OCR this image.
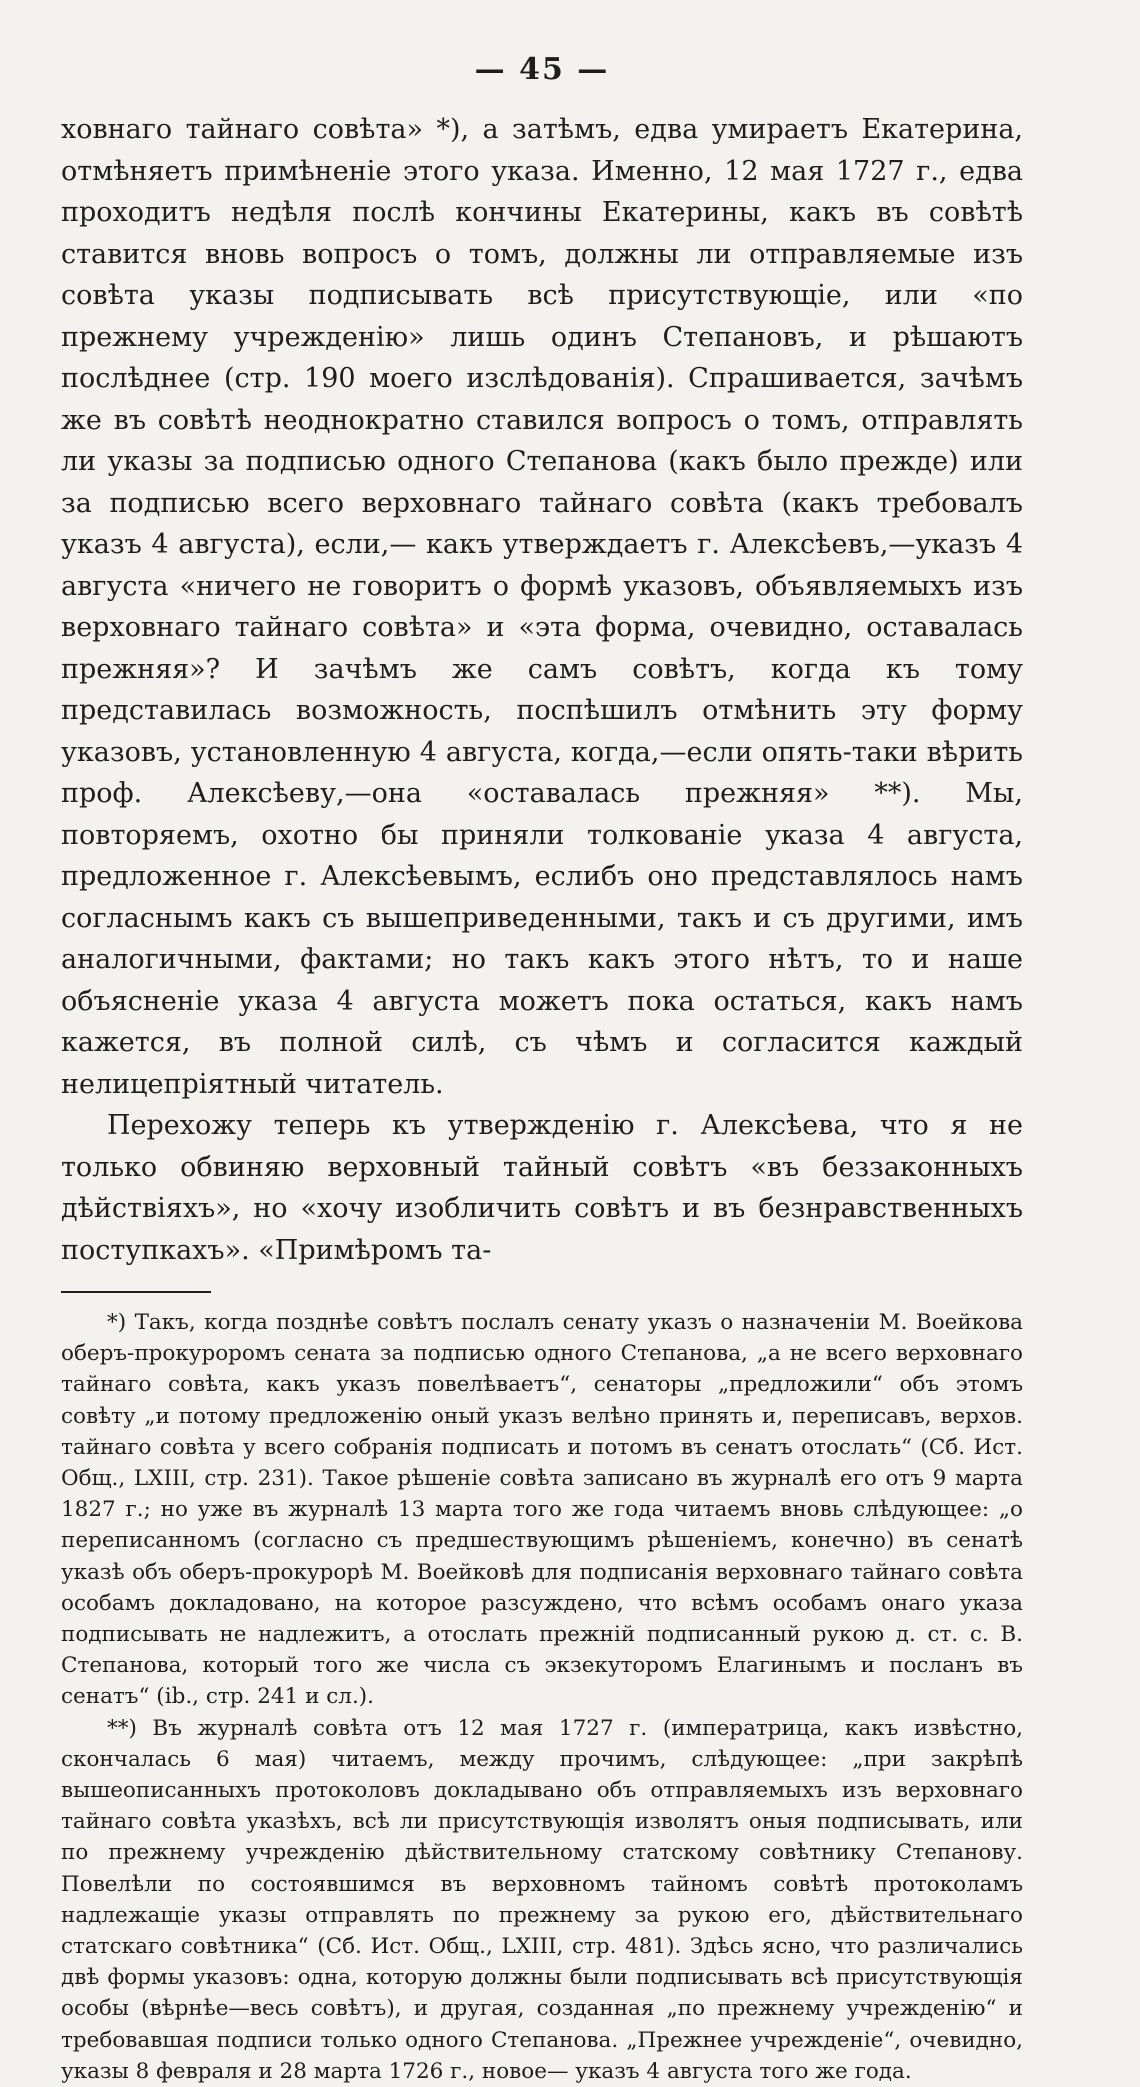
— 45 —

ховнаго тайнаго совѣта» *), а затѣмъ, едва умираетъ Екатерина, отмѣняетъ примѣненіе этого указа. Именно, 12 мая 1727 г., едва проходитъ недѣля послѣ кончины Екатерины, какъ въ совѣтѣ ставится вновь вопросъ о томъ, должны ли отправляемые изъ совѣта указы подписывать всѣ присутствующіе, или «по прежнему учрежденію» лишь одинъ Степановъ, и рѣшаютъ послѣднее (стр. 190 моего изслѣдованія). Спрашивается, зачѣмъ же въ совѣтѣ неоднократно ставился вопросъ о томъ, отправлять ли указы за подписью одного Степанова (какъ было прежде) или за подписью всего верховнаго тайнаго совѣта (какъ требовалъ указъ 4 августа), если,— какъ утверждаетъ г. Алексѣевъ,—указъ 4 августа «ничего не говоритъ о формѣ указовъ, объявляемыхъ изъ верховнаго тайнаго совѣта» и «эта форма, очевидно, оставалась прежняя»? И зачѣмъ же самъ совѣтъ, когда къ тому представилась возможность, поспѣшилъ отмѣнить эту форму указовъ, установленную 4 августа, когда,—если опять-таки вѣрить проф. Алексѣеву,—она «оставалась прежняя» **). Мы, повторяемъ, охотно бы приняли толкованіе указа 4 августа, предложенное г. Алексѣевымъ, еслибъ оно представлялось намъ согласнымъ какъ съ вышеприведенными, такъ и съ другими, имъ аналогичными, фактами; но такъ какъ этого нѣтъ, то и наше объясненіе указа 4 августа можетъ пока остаться, какъ намъ кажется, въ полной силѣ, съ чѣмъ и согласится каждый нелицепріятный читатель.

Перехожу теперь къ утвержденію г. Алексѣева, что я не только обвиняю верховный тайный совѣтъ «въ беззаконныхъ дѣйствіяхъ», но «хочу изобличить совѣтъ и въ безнравственныхъ поступкахъ». «Примѣромъ та-

*) Такъ, когда позднѣе совѣтъ послалъ сенату указъ о назначеніи М. Воейкова оберъ-прокуроромъ сената за подписью одного Степанова, „а не всего верховнаго тайнаго совѣта, какъ указъ повелѣваетъ“, сенаторы „предложили“ объ этомъ совѣту „и потому предложенію оный указъ велѣно принять и, переписавъ, верхов. тайнаго совѣта у всего собранія подписать и потомъ въ сенатъ отослать“ (Сб. Ист. Общ., LXIII, стр. 231). Такое рѣшеніе совѣта записано въ журналѣ его отъ 9 марта 1827 г.; но уже въ журналѣ 13 марта того же года читаемъ вновь слѣдующее: „о переписанномъ (согласно съ предшествующимъ рѣшеніемъ, конечно) въ сенатѣ указѣ объ оберъ-прокурорѣ М. Воейковѣ для подписанія верховнаго тайнаго совѣта особамъ докладовано, на которое разсуждено, что всѣмъ особамъ онаго указа подписывать не надлежитъ, а отослать прежній подписанный рукою д. ст. с. В. Степанова, который того же числа съ экзекуторомъ Елагинымъ и посланъ въ сенатъ“ (ib., стр. 241 и сл.).

**) Въ журналѣ совѣта отъ 12 мая 1727 г. (императрица, какъ извѣстно, скончалась 6 мая) читаемъ, между прочимъ, слѣдующее: „при закрѣпѣ вышеописанныхъ протоколовъ докладывано объ отправляемыхъ изъ верховнаго тайнаго совѣта указѣхъ, всѣ ли присутствующія изволятъ оныя подписывать, или по прежнему учрежденію дѣйствительному статскому совѣтнику Степанову. Повелѣли по состоявшимся въ верховномъ тайномъ совѣтѣ протоколамъ надлежащіе указы отправлять по прежнему за рукою его, дѣйствительнаго статскаго совѣтника“ (Сб. Ист. Общ., LXIII, стр. 481). Здѣсь ясно, что различались двѣ формы указовъ: одна, которую должны были подписывать всѣ присутствующія особы (вѣрнѣе—весь совѣтъ), и другая, созданная „по прежнему учрежденію“ и требовавшая подписи только одного Степанова. „Прежнее учрежденіе“, очевидно, указы 8 февраля и 28 марта 1726 г., новое— указъ 4 августа того же года.
